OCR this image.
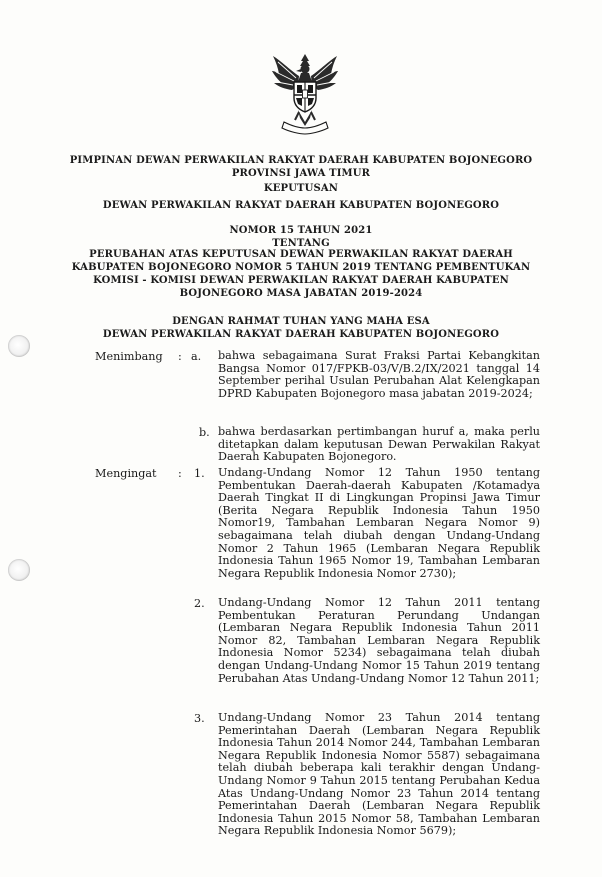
PIMPINAN DEWAN PERWAKILAN RAKYAT DAERAH KABUPATEN BOJONEGORO
PROVINSI JAWA TIMUR
KEPUTUSAN
DEWAN PERWAKILAN RAKYAT DAERAH KABUPATEN BOJONEGORO
NOMOR 15 TAHUN 2021
TENTANG
PERUBAHAN ATAS KEPUTUSAN DEWAN PERWAKILAN RAKYAT DAERAH
KABUPATEN BOJONEGORO NOMOR 5 TAHUN 2019 TENTANG PEMBENTUKAN
KOMISI - KOMISI DEWAN PERWAKILAN RAKYAT DAERAH KABUPATEN
BOJONEGORO MASA JABATAN 2019-2024
DENGAN RAHMAT TUHAN YANG MAHA ESA
DEWAN PERWAKILAN RAKYAT DAERAH KABUPATEN BOJONEGORO
Menimbang : a. bahwa sebagaimana Surat Fraksi Partai Kebangkitan Bangsa Nomor 017/FPKB-03/V/B.2/IX/2021 tanggal 14 September perihal Usulan Perubahan Alat Kelengkapan DPRD Kabupaten Bojonegoro masa jabatan 2019-2024;
b. bahwa berdasarkan pertimbangan huruf a, maka perlu ditetapkan dalam keputusan Dewan Perwakilan Rakyat Daerah Kabupaten Bojonegoro.
Mengingat : 1. Undang-Undang Nomor 12 Tahun 1950 tentang Pembentukan Daerah-daerah Kabupaten /Kotamadya Daerah Tingkat II di Lingkungan Propinsi Jawa Timur (Berita Negara Republik Indonesia Tahun 1950 Nomor19, Tambahan Lembaran Negara Nomor 9) sebagaimana telah diubah dengan Undang-Undang Nomor 2 Tahun 1965 (Lembaran Negara Republik Indonesia Tahun 1965 Nomor 19, Tambahan Lembaran Negara Republik Indonesia Nomor 2730);
2. Undang-Undang Nomor 12 Tahun 2011 tentang Pembentukan Peraturan Perundang Undangan (Lembaran Negara Republik Indonesia Tahun 2011 Nomor 82, Tambahan Lembaran Negara Republik Indonesia Nomor 5234) sebagaimana telah diubah dengan Undang-Undang Nomor 15 Tahun 2019 tentang Perubahan Atas Undang-Undang Nomor 12 Tahun 2011;
3. Undang-Undang Nomor 23 Tahun 2014 tentang Pemerintahan Daerah (Lembaran Negara Republik Indonesia Tahun 2014 Nomor 244, Tambahan Lembaran Negara Republik Indonesia Nomor 5587) sebagaimana telah diubah beberapa kali terakhir dengan Undang-Undang Nomor 9 Tahun 2015 tentang Perubahan Kedua Atas Undang-Undang Nomor 23 Tahun 2014 tentang Pemerintahan Daerah (Lembaran Negara Republik Indonesia Tahun 2015 Nomor 58, Tambahan Lembaran Negara Republik Indonesia Nomor 5679);
